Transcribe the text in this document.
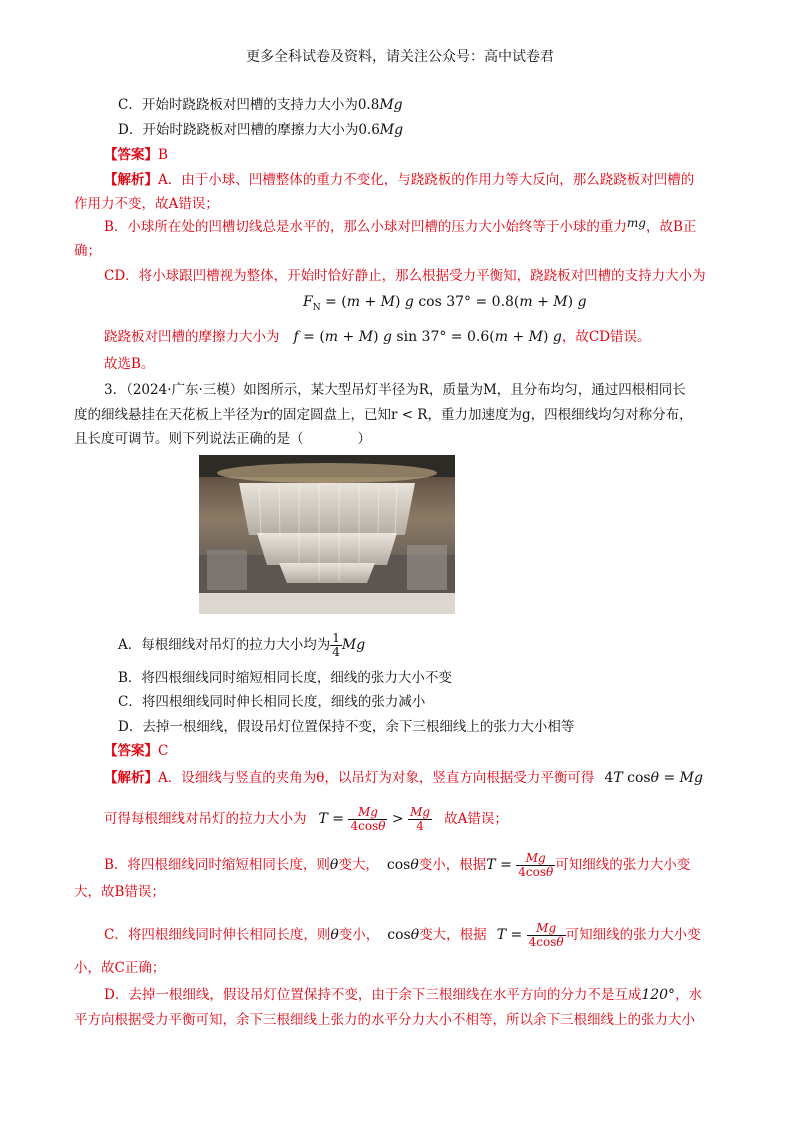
更多全科试卷及资料，请关注公众号：高中试卷君
C．开始时跷跷板对凹槽的支持力大小为0.8Mg
D．开始时跷跷板对凹槽的摩擦力大小为0.6Mg
【答案】B
【解析】A．由于小球、凹槽整体的重力不变化，与跷跷板的作用力等大反向，那么跷跷板对凹槽的
作用力不变，故A错误；
B．小球所在处的凹槽切线总是水平的，那么小球对凹槽的压力大小始终等于小球的重力mg，故B正
确；
CD．将小球跟凹槽视为整体，开始时恰好静止，那么根据受力平衡知，跷跷板对凹槽的支持力大小为
$F_N = (m + M)$ g cos 37° = 0.8(m + M) g
跷跷板对凹槽的摩擦力大小为 f = (m + M) g sin 37° = 0.6(m + M) g，故CD错误。
故选B。
3．（2024·广东·三模）如图所示，某大型吊灯半径为R，质量为M，且分布均匀，通过四根相同长
度的细线悬挂在天花板上半径为r的固定圆盘上，已知r < R，重力加速度为g，四根细线均匀对称分布，
且长度可调节。则下列说法正确的是（　　　　）
A．每根细线对吊灯的拉力大小均为 $\frac{1}{4}$ Mg
B．将四根细线同时缩短相同长度，细线的张力大小不变
C．将四根细线同时伸长相同长度，细线的张力减小
D．去掉一根细线，假设吊灯位置保持不变，余下三根细线上的张力大小相等
【答案】C
【解析】A．设细线与竖直的夹角为θ，以吊灯为对象，竖直方向根据受力平衡可得 4T cosθ = Mg
可得每根细线对吊灯的拉力大小为 $T = \frac{Mg}{4\cos\theta} > \frac{Mg}{4}$ 故A错误；
B．将四根细线同时缩短相同长度，则θ变大， cosθ变小，根据$T = \frac{Mg}{4\cos\theta}$ 可知细线的张力大小变
大，故B错误；
C．将四根细线同时伸长相同长度，则θ变小， cosθ变大，根据 $T = \frac{Mg}{4\cos\theta}$ 可知细线的张力大小变
小，故C正确；
D．去掉一根细线，假设吊灯位置保持不变，由于余下三根细线在水平方向的分力不是互成120°，水
平方向根据受力平衡可知，余下三根细线上张力的水平分力大小不相等，所以余下三根细线上的张力大小
